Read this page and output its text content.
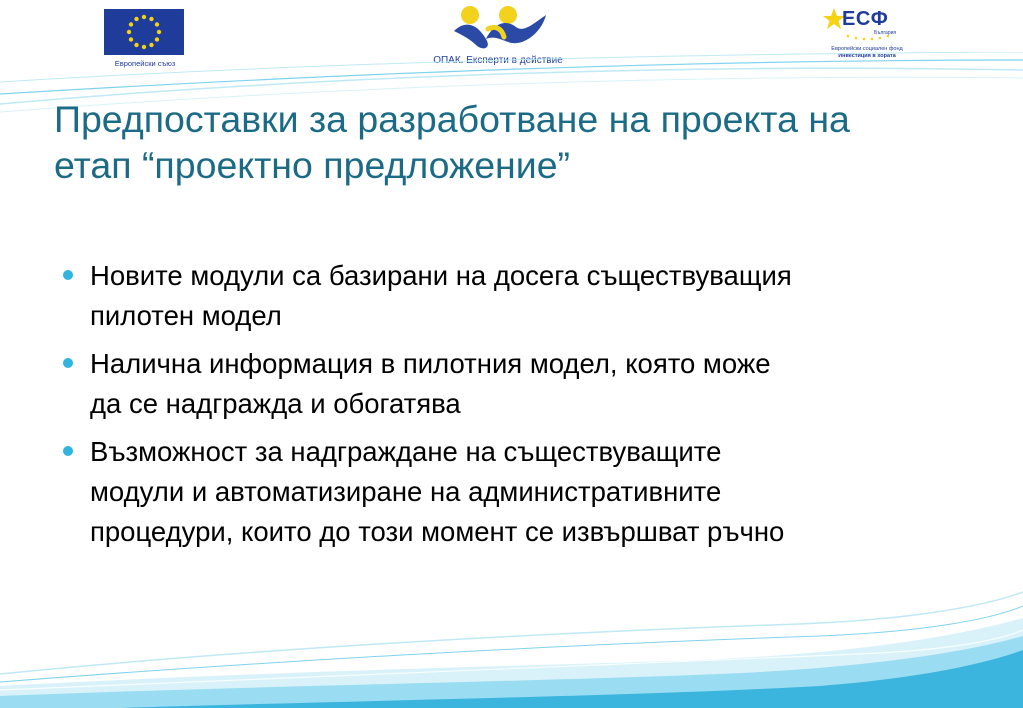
Европейски съюз	ОПАК. Експерти в действие
ЕСФ
България
Европейски социален фонд
Инвестиция в хората
Предпоставки за разработване на проекта на
етап “проектно предложение”
Новите модули са базирани на досега съществуващия
пилотен модел
Налична информация в пилотния модел, която може
да се надгражда и обогатява
Възможност за надграждане на съществуващите
модули и автоматизиране на административните
процедури, които до този момент се извършват ръчно
